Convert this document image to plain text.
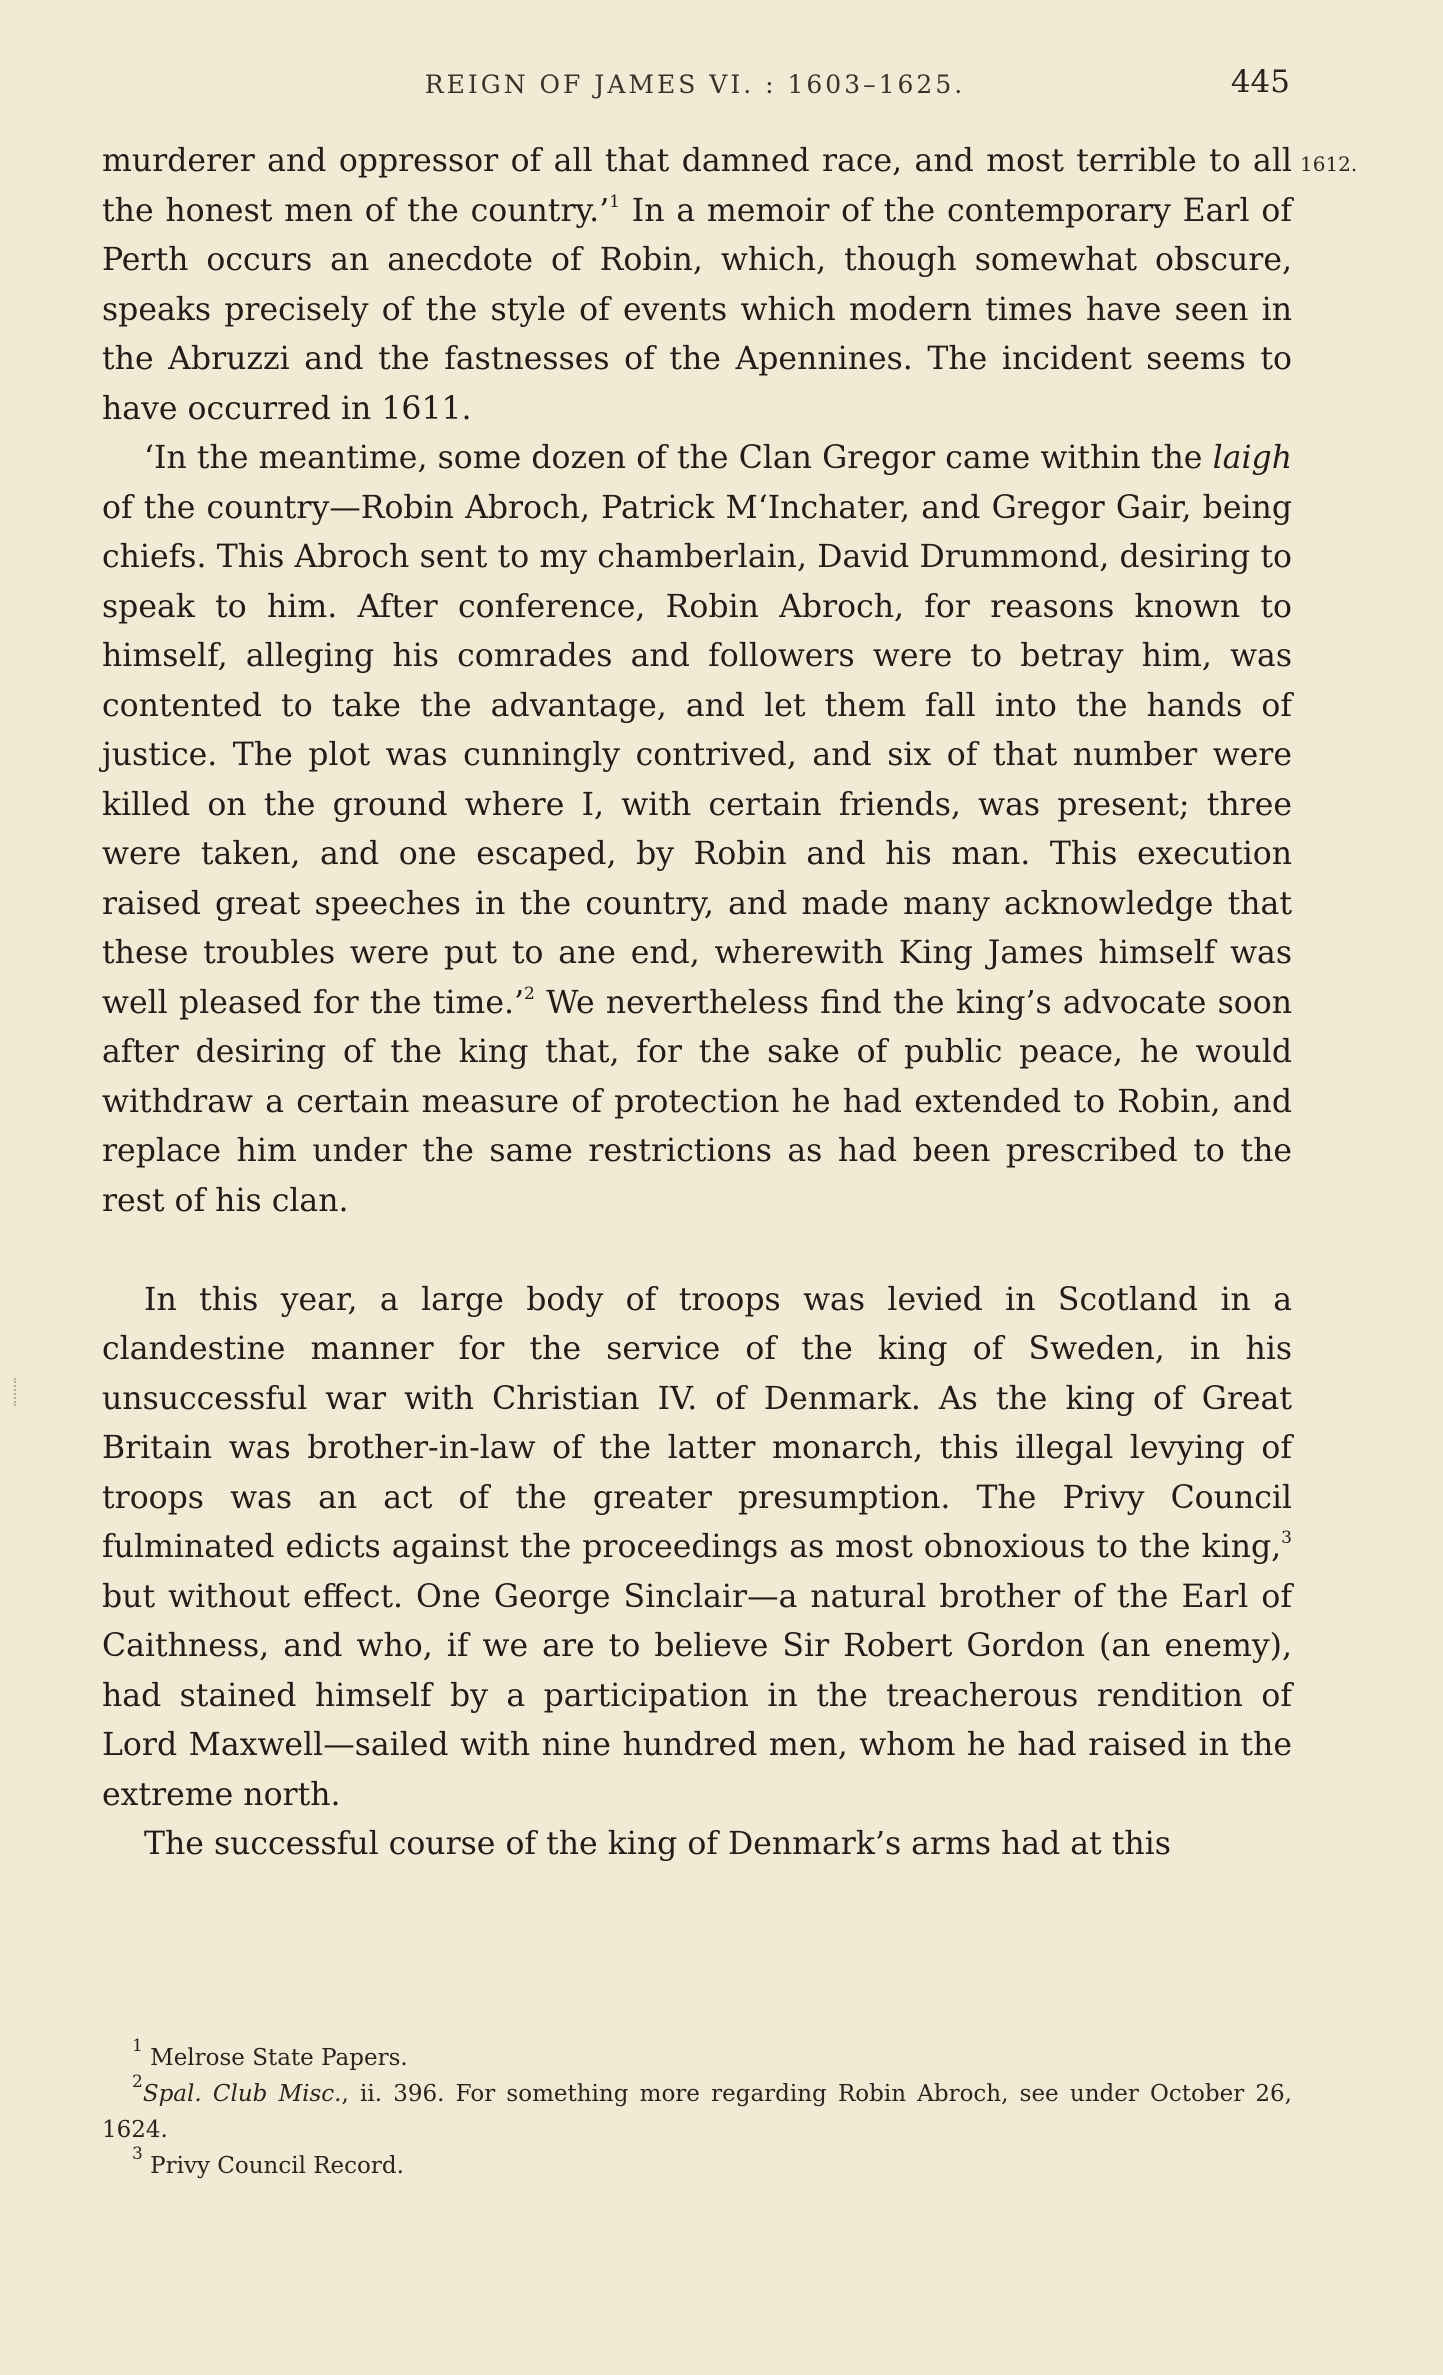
REIGN OF JAMES VI. : 1603–1625.	445
1612.

murderer and oppressor of all that damned race, and most terrible to all the honest men of the country.’$^1$ In a memoir of the contemporary Earl of Perth occurs an anecdote of Robin, which, though somewhat obscure, speaks precisely of the style of events which modern times have seen in the Abruzzi and the fastnesses of the Apennines. The incident seems to have occurred in 1611.

‘In the meantime, some dozen of the Clan Gregor came within the laigh of the country—Robin Abroch, Patrick M‘Inchater, and Gregor Gair, being chiefs. This Abroch sent to my chamberlain, David Drummond, desiring to speak to him. After conference, Robin Abroch, for reasons known to himself, alleging his comrades and followers were to betray him, was contented to take the advantage, and let them fall into the hands of justice. The plot was cunningly contrived, and six of that number were killed on the ground where I, with certain friends, was present; three were taken, and one escaped, by Robin and his man. This execution raised great speeches in the country, and made many acknowledge that these troubles were put to ane end, wherewith King James himself was well pleased for the time.’$^2$ We nevertheless find the king’s advocate soon after desiring of the king that, for the sake of public peace, he would withdraw a certain measure of protection he had extended to Robin, and replace him under the same restrictions as had been prescribed to the rest of his clan.

In this year, a large body of troops was levied in Scotland in a clandestine manner for the service of the king of Sweden, in his unsuccessful war with Christian IV. of Denmark. As the king of Great Britain was brother-in-law of the latter monarch, this illegal levying of troops was an act of the greater presumption. The Privy Council fulminated edicts against the proceedings as most obnoxious to the king,$^3$ but without effect. One George Sinclair—a natural brother of the Earl of Caithness, and who, if we are to believe Sir Robert Gordon (an enemy), had stained himself by a participation in the treacherous rendition of Lord Maxwell—sailed with nine hundred men, whom he had raised in the extreme north.

The successful course of the king of Denmark’s arms had at this

$^1$ Melrose State Papers.

$^2$Spal. Club Misc., ii. 396. For something more regarding Robin Abroch, see under October 26, 1624.

$^3$ Privy Council Record.
